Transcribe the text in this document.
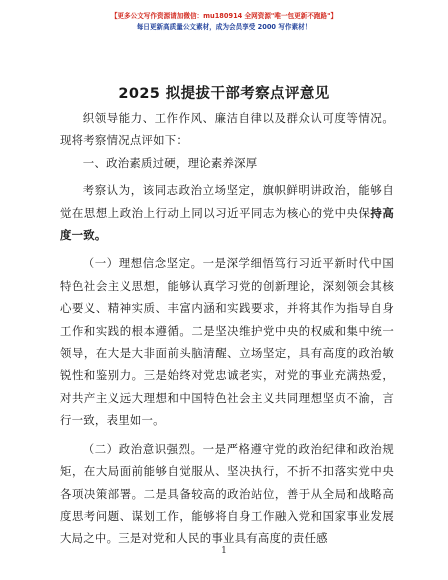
【更多公文写作资源请加微信：mu180914 全网资源"唯一包更新不跑路"】
每日更新高质量公文素材，成为会员享受 2000 写作素材！
2025 拟提拔干部考察点评意见

织领导能力、工作作风、廉洁自律以及群众认可度等情况。现将考察情况点评如下：

一、政治素质过硬，理论素养深厚

考察认为，该同志政治立场坚定，旗帜鲜明讲政治，能够自觉在思想上政治上行动上同以习近平同志为核心的党中央保持高度一致。

（一）理想信念坚定。一是深学细悟笃行习近平新时代中国特色社会主义思想，能够认真学习党的创新理论，深刻领会其核心要义、精神实质、丰富内涵和实践要求，并将其作为指导自身工作和实践的根本遵循。二是坚决维护党中央的权威和集中统一领导，在大是大非面前头脑清醒、立场坚定，具有高度的政治敏锐性和鉴别力。三是始终对党忠诚老实，对党的事业充满热爱，对共产主义远大理想和中国特色社会主义共同理想坚贞不渝，言行一致，表里如一。

（二）政治意识强烈。一是严格遵守党的政治纪律和政治规矩，在大局面前能够自觉服从、坚决执行，不折不扣落实党中央各项决策部署。二是具备较高的政治站位，善于从全局和战略高度思考问题、谋划工作，能够将自身工作融入党和国家事业发展大局之中。三是对党和人民的事业具有高度的责任感

1
